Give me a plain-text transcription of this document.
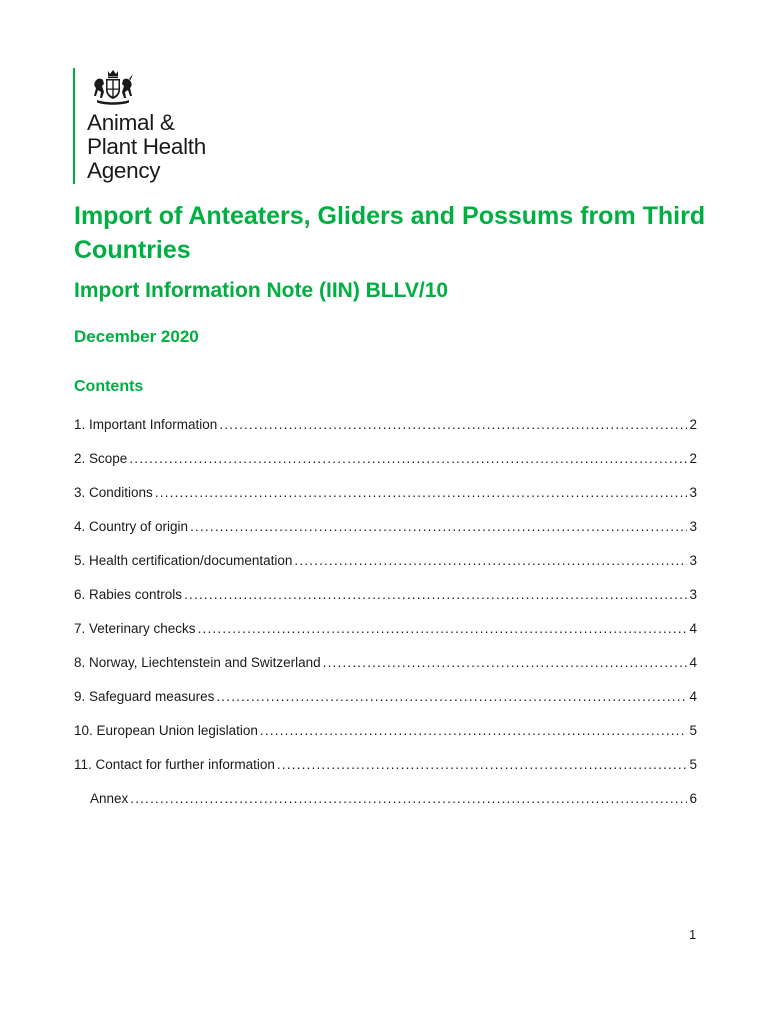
Animal &
Plant Health
Agency
Import of Anteaters, Gliders and Possums from Third Countries
Import Information Note (IIN) BLLV/10
December 2020
Contents
1. Important Information .....	2
2. Scope .....	2
3. Conditions .....	3
4. Country of origin .....	3
5. Health certification/documentation .....	3
6. Rabies controls .....	3
7. Veterinary checks .....	4
8. Norway, Liechtenstein and Switzerland .....	4
9. Safeguard measures .....	4
10. European Union legislation .....	5
11. Contact for further information .....	5
Annex .....	6
1
